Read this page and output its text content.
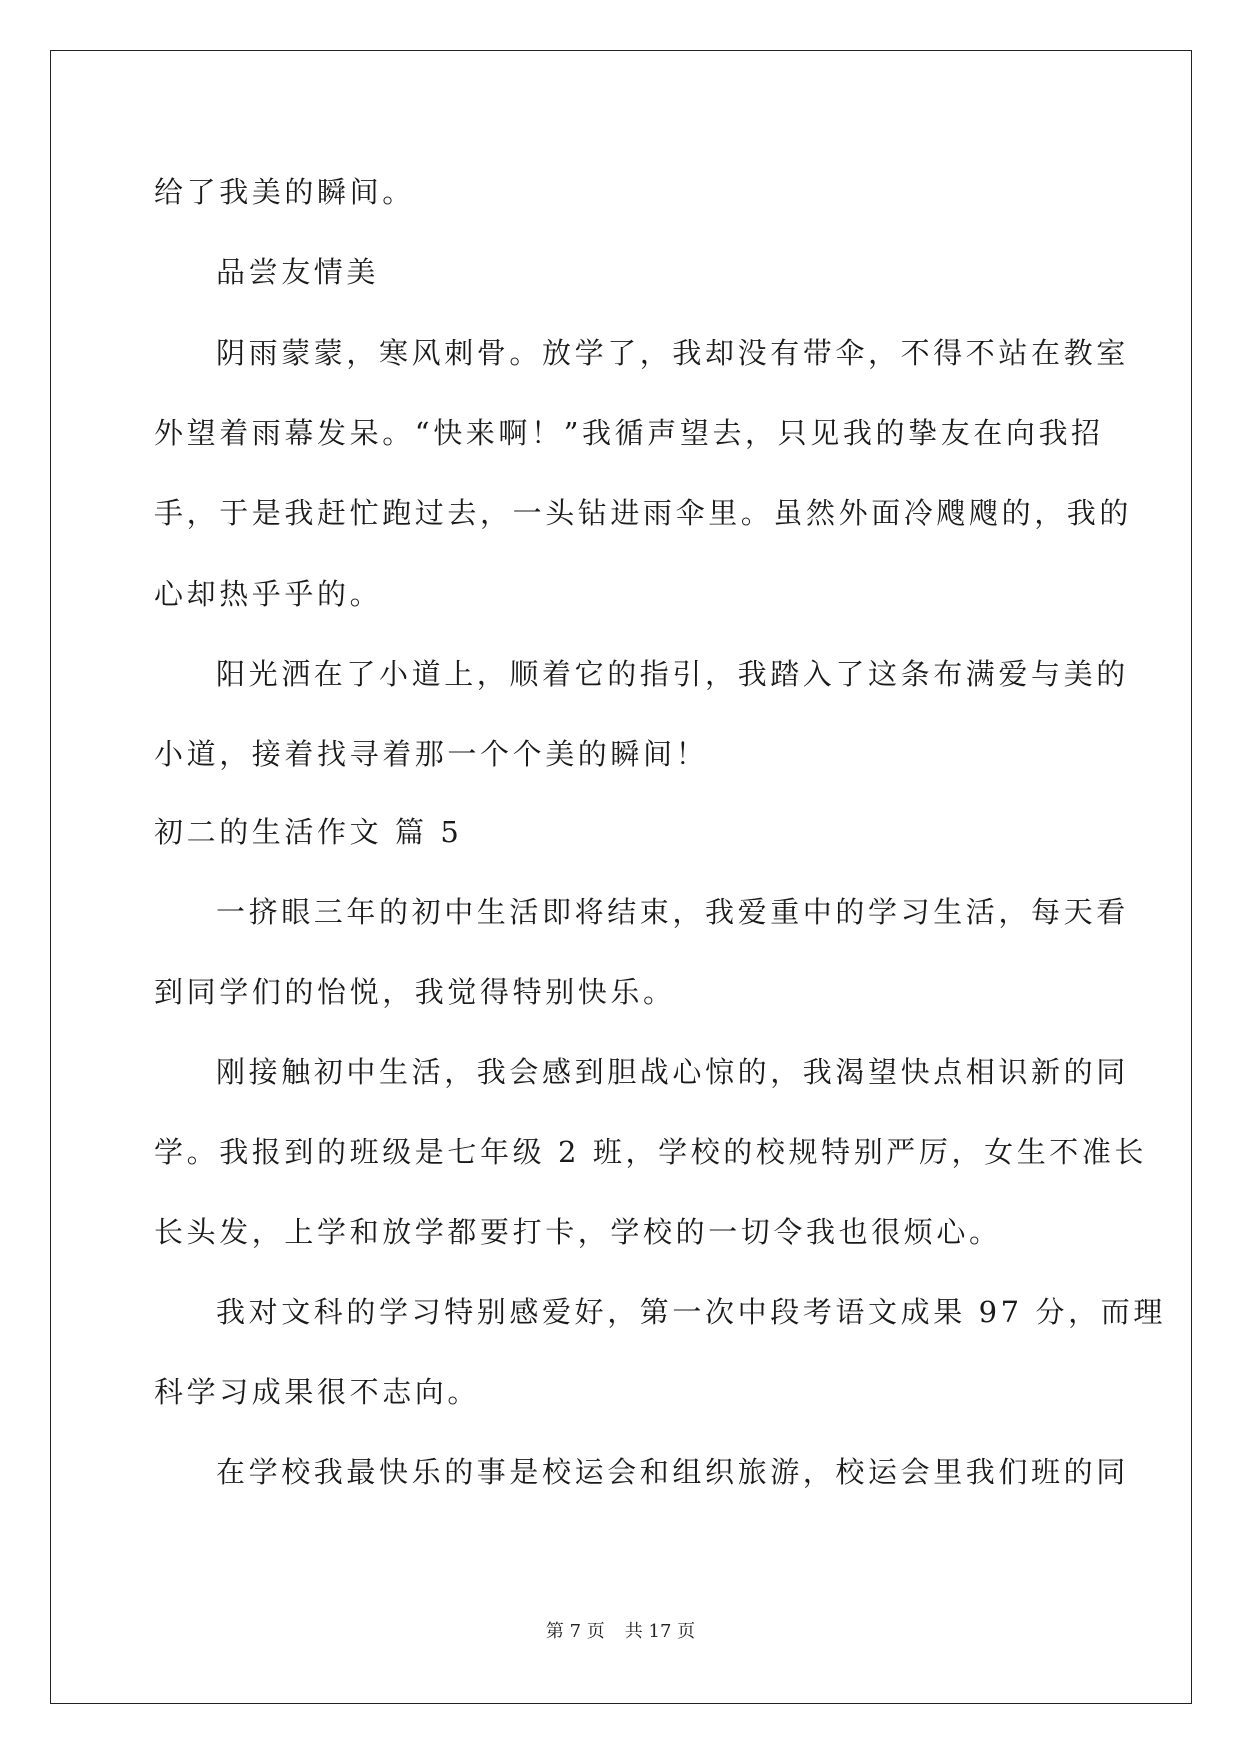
给了我美的瞬间。
品尝友情美
阴雨蒙蒙，寒风刺骨。放学了，我却没有带伞，不得不站在教室
外望着雨幕发呆。“快来啊！”我循声望去，只见我的挚友在向我招
手，于是我赶忙跑过去，一头钻进雨伞里。虽然外面冷飕飕的，我的
心却热乎乎的。
阳光洒在了小道上，顺着它的指引，我踏入了这条布满爱与美的
小道，接着找寻着那一个个美的瞬间！
初二的生活作文 篇 5
一挤眼三年的初中生活即将结束，我爱重中的学习生活，每天看
到同学们的怡悦，我觉得特别快乐。
刚接触初中生活，我会感到胆战心惊的，我渴望快点相识新的同
学。我报到的班级是七年级 2 班，学校的校规特别严厉，女生不准长
长头发，上学和放学都要打卡，学校的一切令我也很烦心。
我对文科的学习特别感爱好，第一次中段考语文成果 97 分，而理
科学习成果很不志向。
在学校我最快乐的事是校运会和组织旅游，校运会里我们班的同
第 7 页 共 17 页
